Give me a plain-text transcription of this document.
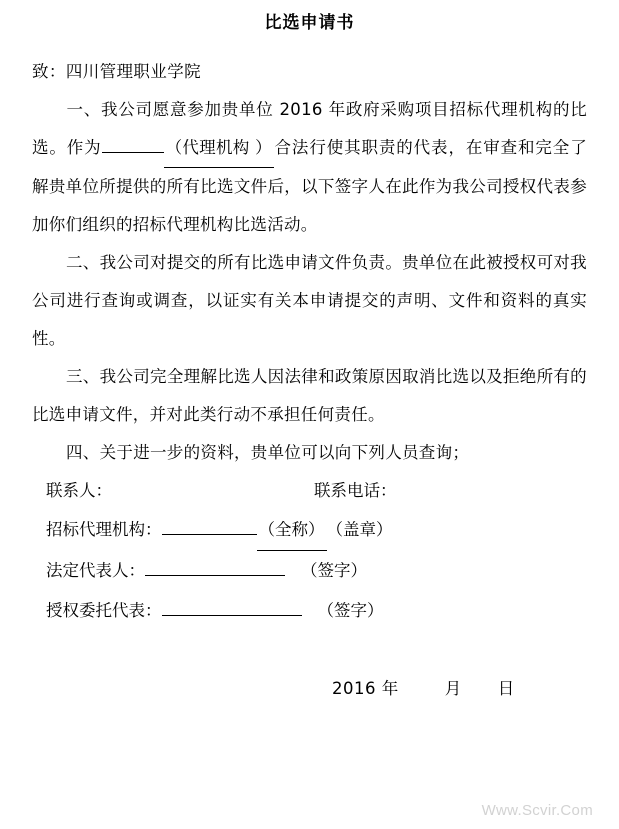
比选申请书
致：四川管理职业学院
一、我公司愿意参加贵单位 2016 年政府采购项目招标代理机构的比选。作为	（代理机构 ） 合法行使其职责的代表，在审查和完全了解贵单位所提供的所有比选文件后，以下签字人在此作为我公司授权代表参加你们组织的招标代理机构比选活动。
二、我公司对提交的所有比选申请文件负责。贵单位在此被授权可对我公司进行查询或调查，以证实有关本申请提交的声明、文件和资料的真实性。
三、我公司完全理解比选人因法律和政策原因取消比选以及拒绝所有的比选申请文件，并对此类行动不承担任何责任。
四、关于进一步的资料，贵单位可以向下列人员查询；
联系人：	联系电话：
招标代理机构：	（全称） （盖章）
法定代表人：	（签字）
授权委托代表：	（签字）
2016 年	月 日
Www.Scvir.Com
